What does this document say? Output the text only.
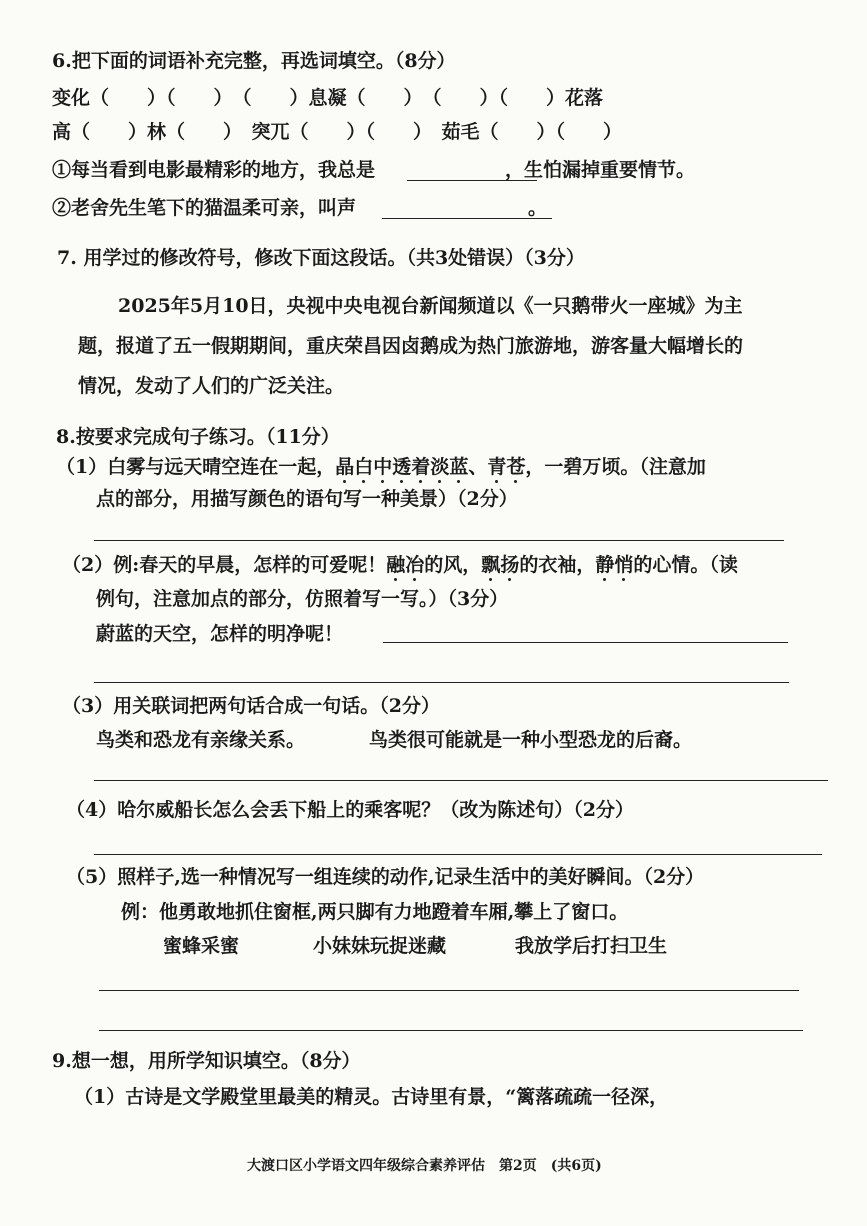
6.把下面的词语补充完整，再选词填空。（8分）
变化（　　）（　　）　（　　）息凝（　　）　（　　）（　　）花落
高（　　）林（　　）　突兀（　　）（　　）　茹毛（　　）（　　）
①每当看到电影最精彩的地方，我总是	，生怕漏掉重要情节。
②老舍先生笔下的猫温柔可亲，叫声	。
7. 用学过的修改符号，修改下面这段话。（共3处错误）（3分）
2025年5月10日，央视中央电视台新闻频道以《一只鹅带火一座城》为主
题，报道了五一假期期间，重庆荣昌因卤鹅成为热门旅游地，游客量大幅增长的
情况，发动了人们的广泛关注。
8.按要求完成句子练习。（11分）
（1）白雾与远天晴空连在一起，晶白中透着淡蓝、青苍，一碧万顷。（注意加
点的部分，用描写颜色的语句写一种美景）（2分）
（2）例:春天的早晨，怎样的可爱呢！融冶的风，飘扬的衣袖，静悄的心情。（读
例句，注意加点的部分，仿照着写一写。）（3分）
蔚蓝的天空，怎样的明净呢！
（3）用关联词把两句话合成一句话。（2分）
鸟类和恐龙有亲缘关系。	鸟类很可能就是一种小型恐龙的后裔。
（4）哈尔威船长怎么会丢下船上的乘客呢？（改为陈述句）（2分）
（5）照样子,选一种情况写一组连续的动作,记录生活中的美好瞬间。（2分）
例：他勇敢地抓住窗框,两只脚有力地蹬着车厢,攀上了窗口。
蜜蜂采蜜	小妹妹玩捉迷藏	我放学后打扫卫生
9.想一想，用所学知识填空。（8分）
（1）古诗是文学殿堂里最美的精灵。古诗里有景，“篱落疏疏一径深，
大渡口区小学语文四年级综合素养评估　第2页　(共6页)
